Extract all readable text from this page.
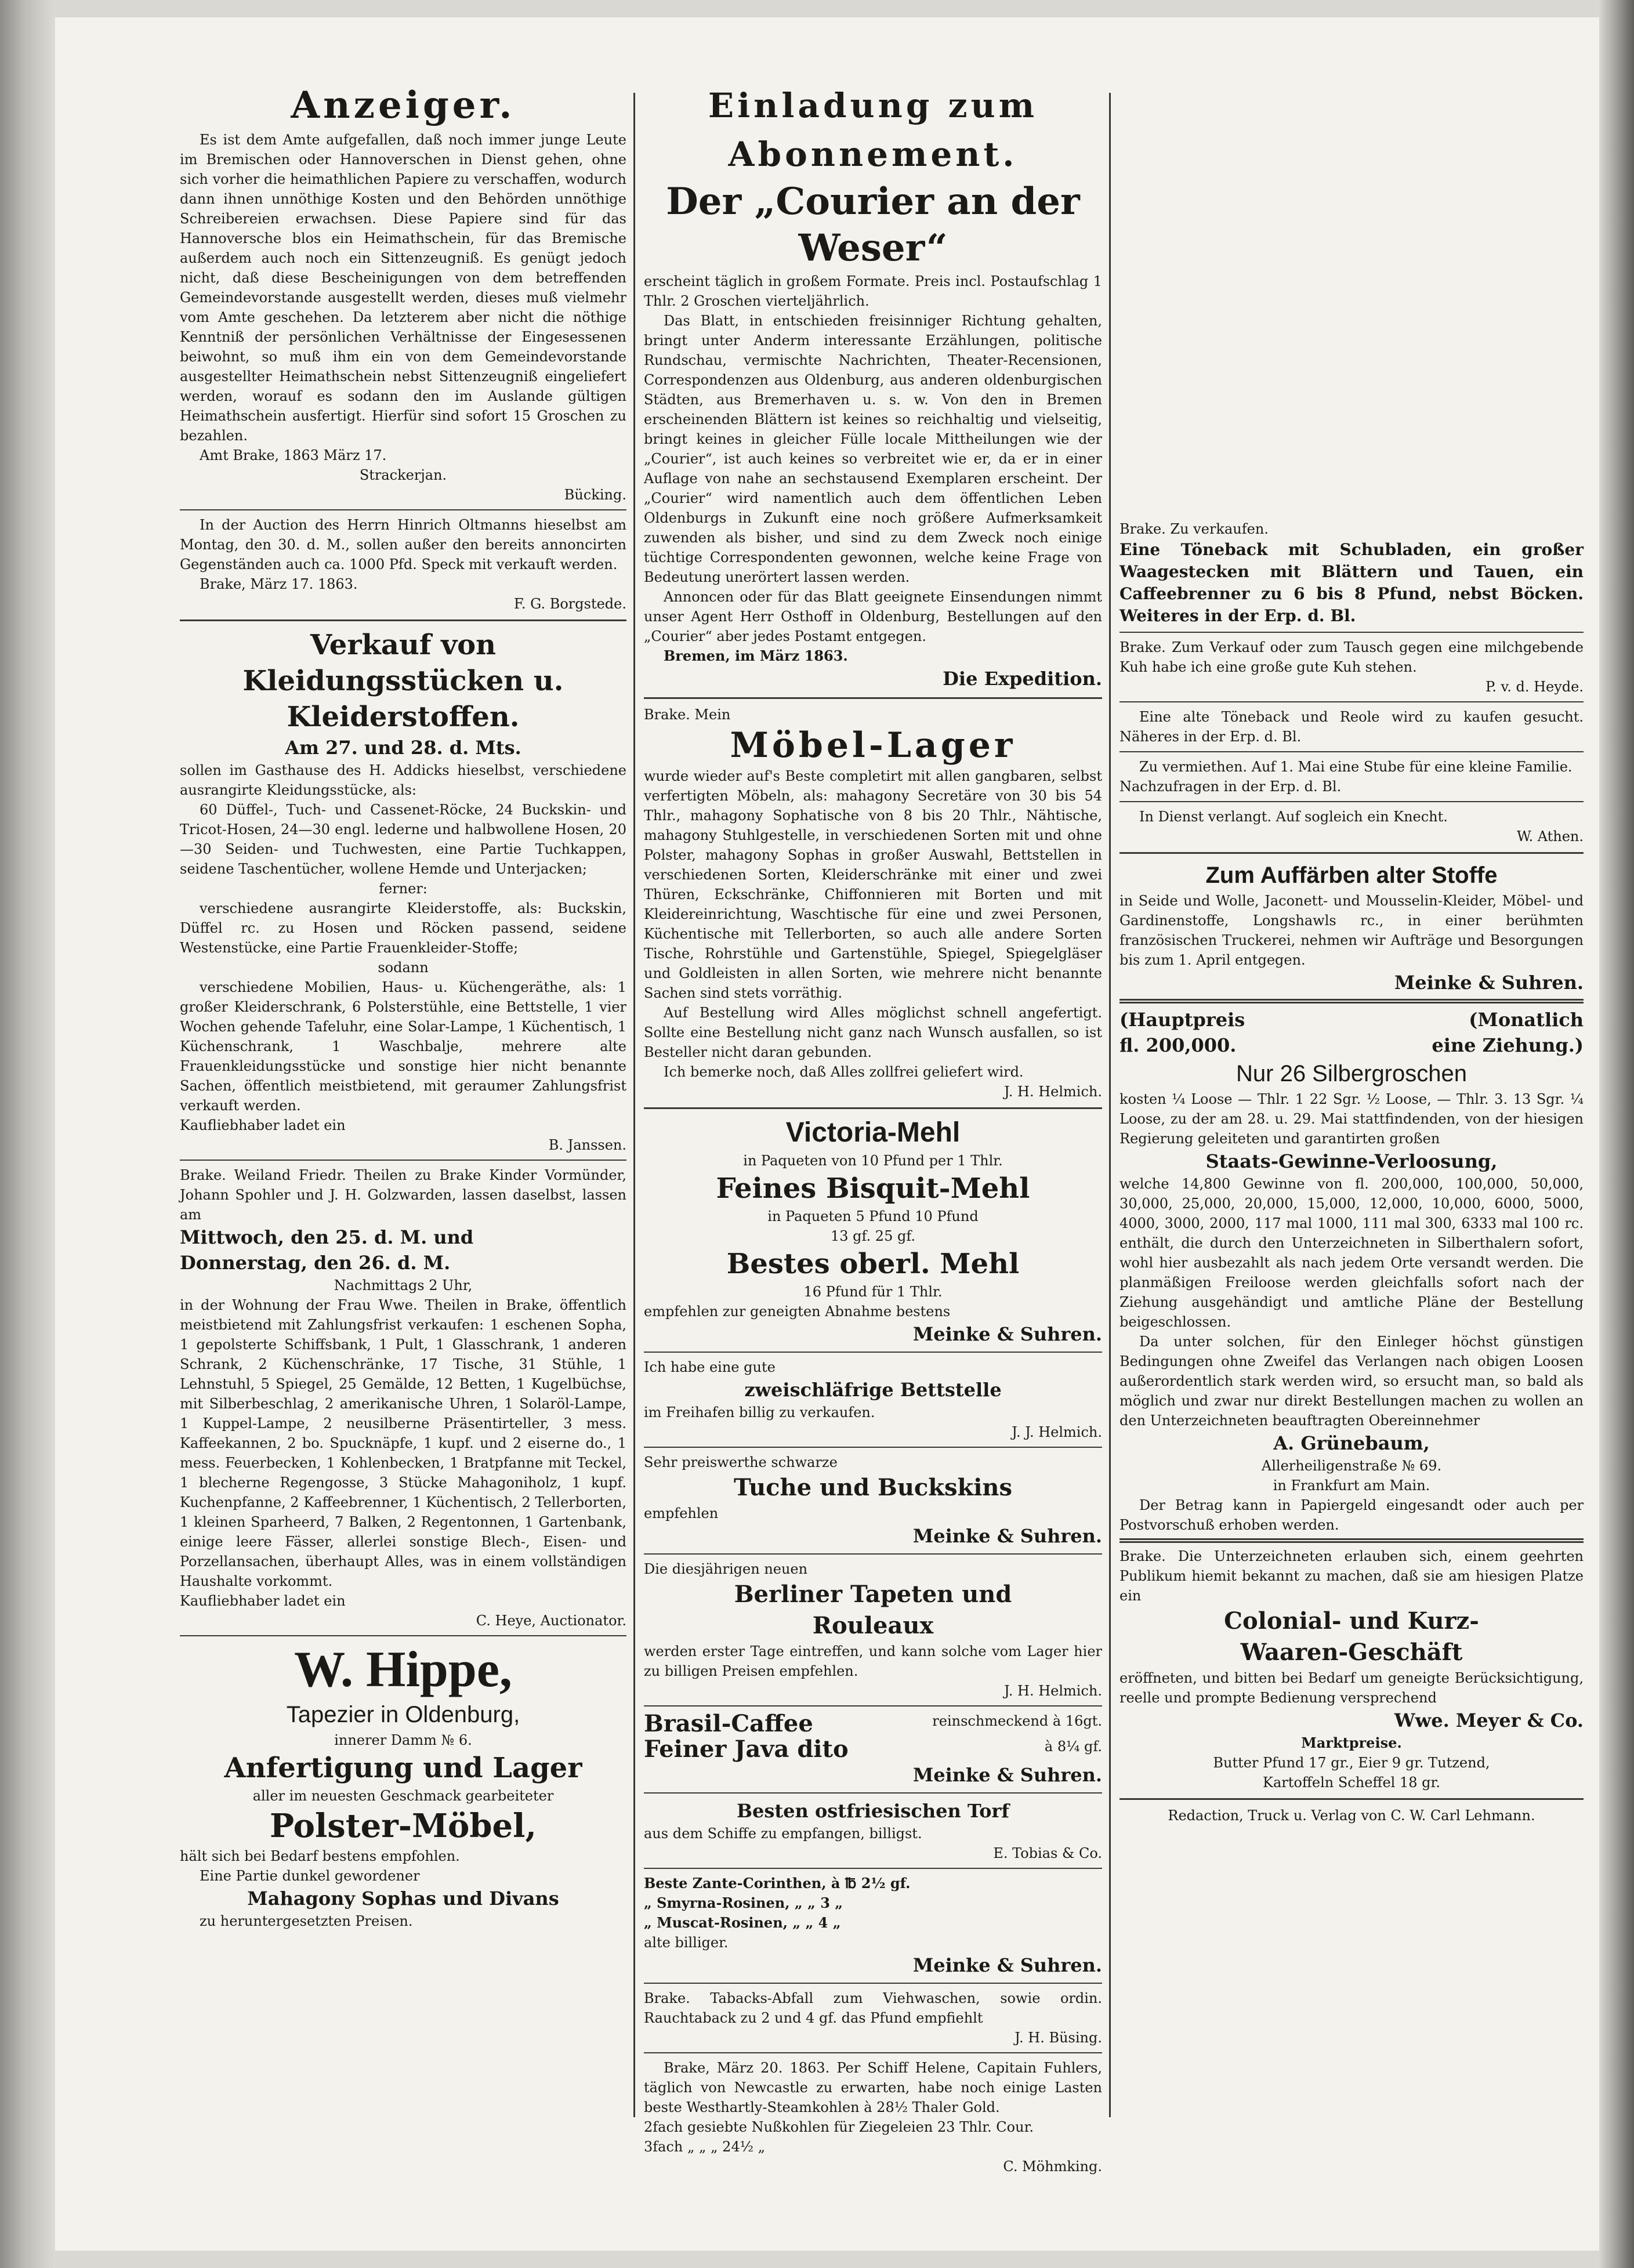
Anzeiger.

Es ist dem Amte aufgefallen, daß noch immer junge Leute im Bremischen oder Hannoverschen in Dienst gehen, ohne sich vorher die heimathlichen Papiere zu verschaffen, wodurch dann ihnen unnöthige Kosten und den Behörden unnöthige Schreibereien erwachsen. Diese Papiere sind für das Hannoversche blos ein Heimathschein, für das Bremische außerdem auch noch ein Sittenzeugniß. Es genügt jedoch nicht, daß diese Bescheinigungen von dem betreffenden Gemeindevorstande ausgestellt werden, dieses muß vielmehr vom Amte geschehen. Da letzterem aber nicht die nöthige Kenntniß der persönlichen Verhältnisse der Eingesessenen beiwohnt, so muß ihm ein von dem Gemeindevorstande ausgestellter Heimathschein nebst Sittenzeugniß eingeliefert werden, worauf es sodann den im Auslande gültigen Heimathschein ausfertigt. Hierfür sind sofort 15 Groschen zu bezahlen.

Amt Brake, 1863 März 17.

Strackerjan.

Bücking.

In der Auction des Herrn Hinrich Oltmanns hieselbst am Montag, den 30. d. M., sollen außer den bereits annoncirten Gegenständen auch ca. 1000 Pfd. Speck mit verkauft werden.

Brake, März 17. 1863.

F. G. Borgstede.

Verkauf von Kleidungsstücken u. Kleiderstoffen.

Am 27. und 28. d. Mts.

sollen im Gasthause des H. Addicks hieselbst, verschiedene ausrangirte Kleidungsstücke, als:

60 Düffel-, Tuch- und Cassenet-Röcke, 24 Buckskin- und Tricot-Hosen, 24—30 engl. lederne und halbwollene Hosen, 20—30 Seiden- und Tuchwesten, eine Partie Tuchkappen, seidene Taschentücher, wollene Hemde und Unterjacken;

ferner:

verschiedene ausrangirte Kleiderstoffe, als: Buckskin, Düffel rc. zu Hosen und Röcken passend, seidene Westenstücke, eine Partie Frauenkleider-Stoffe;

sodann

verschiedene Mobilien, Haus- u. Küchengeräthe, als: 1 großer Kleiderschrank, 6 Polsterstühle, eine Bettstelle, 1 vier Wochen gehende Tafeluhr, eine Solar-Lampe, 1 Küchentisch, 1 Küchenschrank, 1 Waschbalje, mehrere alte Frauenkleidungsstücke und sonstige hier nicht benannte Sachen, öffentlich meistbietend, mit geraumer Zahlungsfrist verkauft werden.

Kaufliebhaber ladet ein

B. Janssen.

Brake. Weiland Friedr. Theilen zu Brake Kinder Vormünder, Johann Spohler und J. H. Golzwarden, lassen daselbst, lassen am

Mittwoch, den 25. d. M. und

Donnerstag, den 26. d. M.

Nachmittags 2 Uhr,

in der Wohnung der Frau Wwe. Theilen in Brake, öffentlich meistbietend mit Zahlungsfrist verkaufen: 1 eschenen Sopha, 1 gepolsterte Schiffsbank, 1 Pult, 1 Glasschrank, 1 anderen Schrank, 2 Küchenschränke, 17 Tische, 31 Stühle, 1 Lehnstuhl, 5 Spiegel, 25 Gemälde, 12 Betten, 1 Kugelbüchse, mit Silberbeschlag, 2 amerikanische Uhren, 1 Solaröl-Lampe, 1 Kuppel-Lampe, 2 neusilberne Präsentirteller, 3 mess. Kaffeekannen, 2 bo. Spucknäpfe, 1 kupf. und 2 eiserne do., 1 mess. Feuerbecken, 1 Kohlenbecken, 1 Bratpfanne mit Teckel, 1 blecherne Regengosse, 3 Stücke Mahagoniholz, 1 kupf. Kuchenpfanne, 2 Kaffeebrenner, 1 Küchentisch, 2 Tellerborten, 1 kleinen Sparheerd, 7 Balken, 2 Regentonnen, 1 Gartenbank, einige leere Fässer, allerlei sonstige Blech-, Eisen- und Porzellansachen, überhaupt Alles, was in einem vollständigen Haushalte vorkommt.

Kaufliebhaber ladet ein

C. Heye, Auctionator.

W. Hippe,

Tapezier in Oldenburg,

innerer Damm № 6.

Anfertigung und Lager

aller im neuesten Geschmack gearbeiteter

Polster-Möbel,

hält sich bei Bedarf bestens empfohlen.

Eine Partie dunkel gewordener

Mahagony Sophas und Divans

zu heruntergesetzten Preisen.

Einladung zum Abonnement.

Der „Courier an der Weser“

erscheint täglich in großem Formate. Preis incl. Postaufschlag 1 Thlr. 2 Groschen vierteljährlich.

Das Blatt, in entschieden freisinniger Richtung gehalten, bringt unter Anderm interessante Erzählungen, politische Rundschau, vermischte Nachrichten, Theater-Recensionen, Correspondenzen aus Oldenburg, aus anderen oldenburgischen Städten, aus Bremerhaven u. s. w. Von den in Bremen erscheinenden Blättern ist keines so reichhaltig und vielseitig, bringt keines in gleicher Fülle locale Mittheilungen wie der „Courier“, ist auch keines so verbreitet wie er, da er in einer Auflage von nahe an sechstausend Exemplaren erscheint. Der „Courier“ wird namentlich auch dem öffentlichen Leben Oldenburgs in Zukunft eine noch größere Aufmerksamkeit zuwenden als bisher, und sind zu dem Zweck noch einige tüchtige Correspondenten gewonnen, welche keine Frage von Bedeutung unerörtert lassen werden.

Annoncen oder für das Blatt geeignete Einsendungen nimmt unser Agent Herr Osthoff in Oldenburg, Bestellungen auf den „Courier“ aber jedes Postamt entgegen.

Bremen, im März 1863.

Die Expedition.

Brake. Mein

Möbel-Lager

wurde wieder auf's Beste completirt mit allen gangbaren, selbst verfertigten Möbeln, als: mahagony Secretäre von 30 bis 54 Thlr., mahagony Sophatische von 8 bis 20 Thlr., Nähtische, mahagony Stuhlgestelle, in verschiedenen Sorten mit und ohne Polster, mahagony Sophas in großer Auswahl, Bettstellen in verschiedenen Sorten, Kleiderschränke mit einer und zwei Thüren, Eckschränke, Chiffonnieren mit Borten und mit Kleidereinrichtung, Waschtische für eine und zwei Personen, Küchentische mit Tellerborten, so auch alle andere Sorten Tische, Rohrstühle und Gartenstühle, Spiegel, Spiegelgläser und Goldleisten in allen Sorten, wie mehrere nicht benannte Sachen sind stets vorräthig.

Auf Bestellung wird Alles möglichst schnell angefertigt. Sollte eine Bestellung nicht ganz nach Wunsch ausfallen, so ist Besteller nicht daran gebunden.

Ich bemerke noch, daß Alles zollfrei geliefert wird.

J. H. Helmich.

Victoria-Mehl

in Paqueten von 10 Pfund per 1 Thlr.

Feines Bisquit-Mehl

in Paqueten 5 Pfund 10 Pfund

13 gf. 25 gf.

Bestes oberl. Mehl

16 Pfund für 1 Thlr.

empfehlen zur geneigten Abnahme bestens

Meinke & Suhren.

Ich habe eine gute

zweischläfrige Bettstelle

im Freihafen billig zu verkaufen.

J. J. Helmich.

Sehr preiswerthe schwarze

Tuche und Buckskins

empfehlen

Meinke & Suhren.

Die diesjährigen neuen

Berliner Tapeten und

Rouleaux

werden erster Tage eintreffen, und kann solche vom Lager hier zu billigen Preisen empfehlen.

J. H. Helmich.

Brasil-Caffee	reinschmeckend à 16gt.

Feiner Java dito	à 8¼ gf.

Meinke & Suhren.

Besten ostfriesischen Torf

aus dem Schiffe zu empfangen, billigst.

E. Tobias & Co.

Beste Zante-Corinthen, à ℔ 2½ gf.

„ Smyrna-Rosinen, „ „ 3 „

„ Muscat-Rosinen, „ „ 4 „

alte billiger.

Meinke & Suhren.

Brake. Tabacks-Abfall zum Viehwaschen, sowie ordin. Rauchtaback zu 2 und 4 gf. das Pfund empfiehlt

J. H. Büsing.

Brake, März 20. 1863. Per Schiff Helene, Capitain Fuhlers, täglich von Newcastle zu erwarten, habe noch einige Lasten beste Westhartly-Steamkohlen à 28½ Thaler Gold.

2fach gesiebte Nußkohlen für Ziegeleien 23 Thlr. Cour.

3fach „ „ „ 24½ „

C. Möhmking.

Brake. Zu verkaufen.

Eine Töneback mit Schubladen, ein großer Waagestecken mit Blättern und Tauen, ein Caffeebrenner zu 6 bis 8 Pfund, nebst Böcken. Weiteres in der Erp. d. Bl.

Brake. Zum Verkauf oder zum Tausch gegen eine milchgebende Kuh habe ich eine große gute Kuh stehen.

P. v. d. Heyde.

Eine alte Töneback und Reole wird zu kaufen gesucht. Näheres in der Erp. d. Bl.

Zu vermiethen. Auf 1. Mai eine Stube für eine kleine Familie.

Nachzufragen in der Erp. d. Bl.

In Dienst verlangt. Auf sogleich ein Knecht.

W. Athen.

Zum Auffärben alter Stoffe

in Seide und Wolle, Jaconett- und Mousselin-Kleider, Möbel- und Gardinenstoffe, Longshawls rc., in einer berühmten französischen Truckerei, nehmen wir Aufträge und Besorgungen bis zum 1. April entgegen.

Meinke & Suhren.

(Hauptpreis	(Monatlich

fl. 200,000.	eine Ziehung.)

Nur 26 Silbergroschen

kosten ¼ Loose — Thlr. 1 22 Sgr. ½ Loose, — Thlr. 3. 13 Sgr. ¼ Loose, zu der am 28. u. 29. Mai stattfindenden, von der hiesigen Regierung geleiteten und garantirten großen

Staats-Gewinne-Verloosung,

welche 14,800 Gewinne von fl. 200,000, 100,000, 50,000, 30,000, 25,000, 20,000, 15,000, 12,000, 10,000, 6000, 5000, 4000, 3000, 2000, 117 mal 1000, 111 mal 300, 6333 mal 100 rc. enthält, die durch den Unterzeichneten in Silberthalern sofort, wohl hier ausbezahlt als nach jedem Orte versandt werden. Die planmäßigen Freiloose werden gleichfalls sofort nach der Ziehung ausgehändigt und amtliche Pläne der Bestellung beigeschlossen.

Da unter solchen, für den Einleger höchst günstigen Bedingungen ohne Zweifel das Verlangen nach obigen Loosen außerordentlich stark werden wird, so ersucht man, so bald als möglich und zwar nur direkt Bestellungen machen zu wollen an den Unterzeichneten beauftragten Obereinnehmer

A. Grünebaum,

Allerheiligenstraße № 69.

in Frankfurt am Main.

Der Betrag kann in Papiergeld eingesandt oder auch per Postvorschuß erhoben werden.

Brake. Die Unterzeichneten erlauben sich, einem geehrten Publikum hiemit bekannt zu machen, daß sie am hiesigen Platze ein

Colonial- und Kurz-

Waaren-Geschäft

eröffneten, und bitten bei Bedarf um geneigte Berücksichtigung, reelle und prompte Bedienung versprechend

Wwe. Meyer & Co.

Marktpreise.

Butter Pfund 17 gr., Eier 9 gr. Tutzend,

Kartoffeln Scheffel 18 gr.

Redaction, Truck u. Verlag von C. W. Carl Lehmann.
